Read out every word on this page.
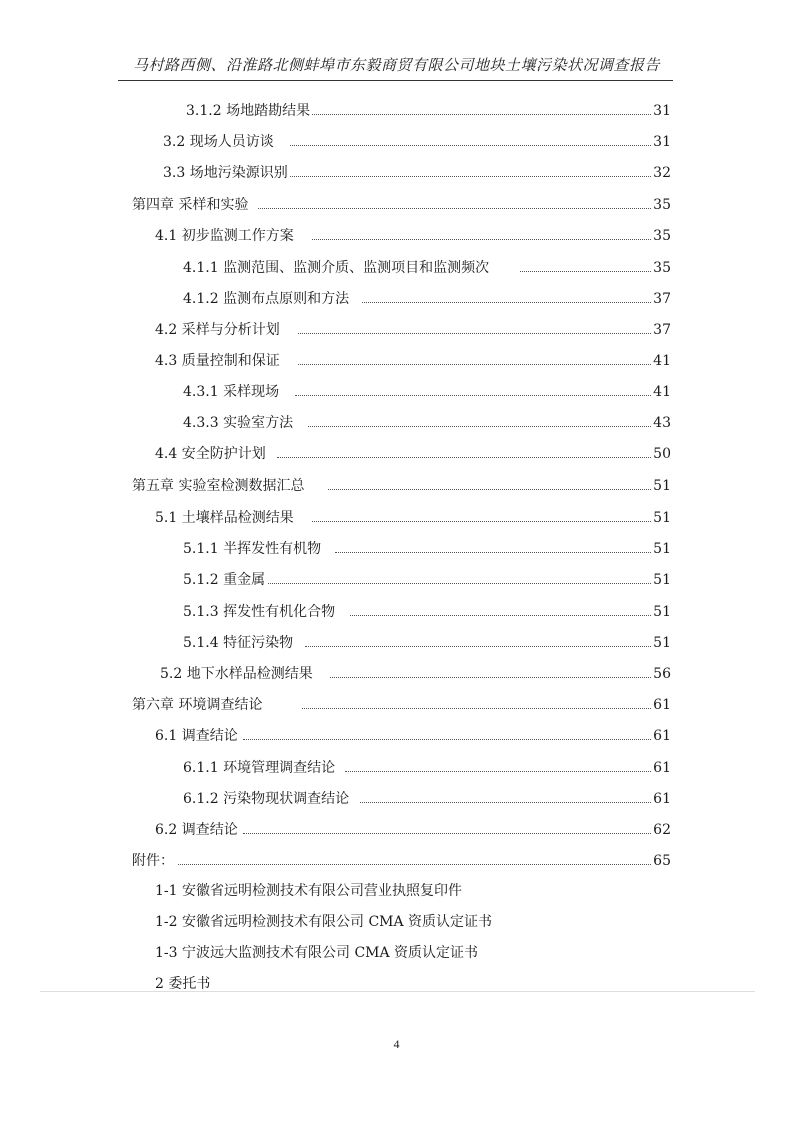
马村路西侧、沿淮路北侧蚌埠市东毅商贸有限公司地块土壤污染状况调查报告
3.1.2 场地踏勘结果	31
3.2 现场人员访谈	31
3.3 场地污染源识别	32
第四章 采样和实验	35
4.1 初步监测工作方案	35
4.1.1 监测范围、监测介质、监测项目和监测频次	35
4.1.2 监测布点原则和方法	37
4.2 采样与分析计划	37
4.3 质量控制和保证	41
4.3.1 采样现场	41
4.3.3 实验室方法	43
4.4 安全防护计划	50
第五章 实验室检测数据汇总	51
5.1 土壤样品检测结果	51
5.1.1 半挥发性有机物	51
5.1.2 重金属	51
5.1.3 挥发性有机化合物	51
5.1.4 特征污染物	51
5.2 地下水样品检测结果	56
第六章 环境调查结论	61
6.1 调查结论	61
6.1.1 环境管理调查结论	61
6.1.2 污染物现状调查结论	61
6.2 调查结论	62
附件：	65
1-1 安徽省远明检测技术有限公司营业执照复印件
1-2 安徽省远明检测技术有限公司 CMA 资质认定证书
1-3 宁波远大监测技术有限公司 CMA 资质认定证书
2 委托书
4
